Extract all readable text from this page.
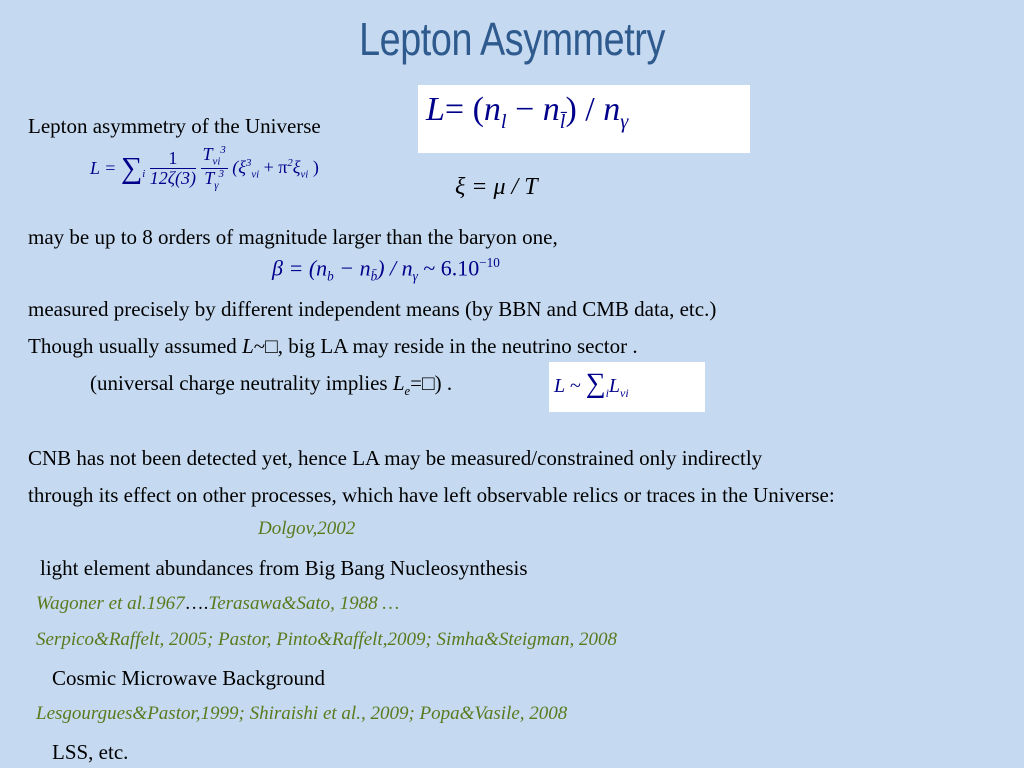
Lepton Asymmetry
Lepton asymmetry of the Universe	$L= (n_l - n_{l̄}) / n_\gamma$
$L = \sum_i \frac{1}{12\zeta(3)}$
$\frac{T_{\nu i}^3}{T_\gamma^3} (\xi^3_{\nu i} + \pi^2\xi_{\nu i}$ )
ξ = μ / T
may be up to 8 orders of magnitude larger than the baryon one,
$\beta = (n_b - n_{b̄}) / n_\gamma$ ~ $6.10^{-10}$
measured precisely by different independent means (by BBN and CMB data, etc.)
Though usually assumed L~□, big LA may reside in the neutrino sector .
(universal charge neutrality implies $L_e=□$) .	L ~ $\sum_iL_{\nu i}$
CNB has not been detected yet, hence LA may be measured/constrained only indirectly
through its effect on other processes, which have left observable relics or traces in the Universe:
Dolgov,2002
light element abundances from Big Bang Nucleosynthesis
Wagoner et al.1967….Terasawa&Sato, 1988 …
Serpico&Raffelt, 2005; Pastor, Pinto&Raffelt,2009; Simha&Steigman, 2008
Cosmic Microwave Background
Lesgourgues&Pastor,1999; Shiraishi et al., 2009; Popa&Vasile, 2008
LSS, etc.
